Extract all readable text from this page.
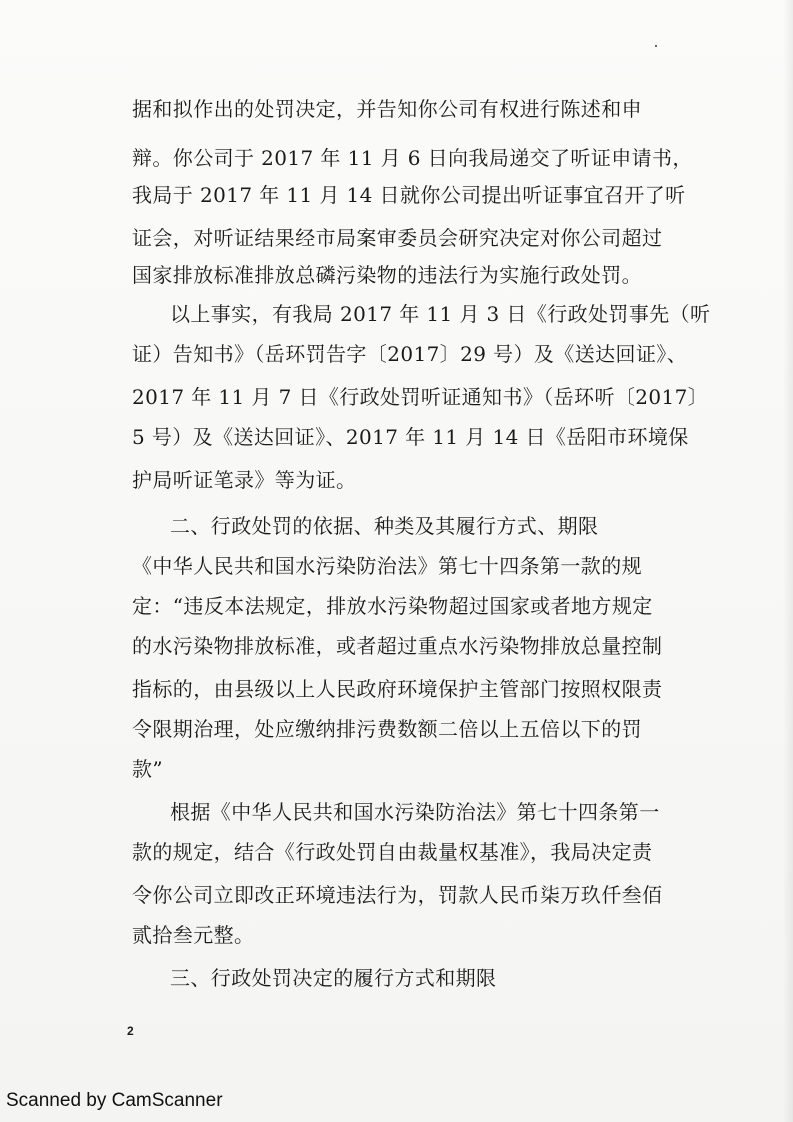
据和拟作出的处罚决定，并告知你公司有权进行陈述和申
辩。你公司于 2017 年 11 月 6 日向我局递交了听证申请书，
我局于 2017 年 11 月 14 日就你公司提出听证事宜召开了听
证会，对听证结果经市局案审委员会研究决定对你公司超过
国家排放标准排放总磷污染物的违法行为实施行政处罚。
以上事实，有我局 2017 年 11 月 3 日《行政处罚事先（听
证）告知书》（岳环罚告字〔2017〕29 号）及《送达回证》、
2017 年 11 月 7 日《行政处罚听证通知书》（岳环听〔2017〕
5 号）及《送达回证》、2017 年 11 月 14 日《岳阳市环境保
护局听证笔录》等为证。
二、行政处罚的依据、种类及其履行方式、期限
《中华人民共和国水污染防治法》第七十四条第一款的规
定：“违反本法规定，排放水污染物超过国家或者地方规定
的水污染物排放标准，或者超过重点水污染物排放总量控制
指标的，由县级以上人民政府环境保护主管部门按照权限责
令限期治理，处应缴纳排污费数额二倍以上五倍以下的罚
款”
根据《中华人民共和国水污染防治法》第七十四条第一
款的规定，结合《行政处罚自由裁量权基准》，我局决定责
令你公司立即改正环境违法行为，罚款人民币柒万玖仟叁佰
贰拾叁元整。
三、行政处罚决定的履行方式和期限
2
Scanned by CamScanner
